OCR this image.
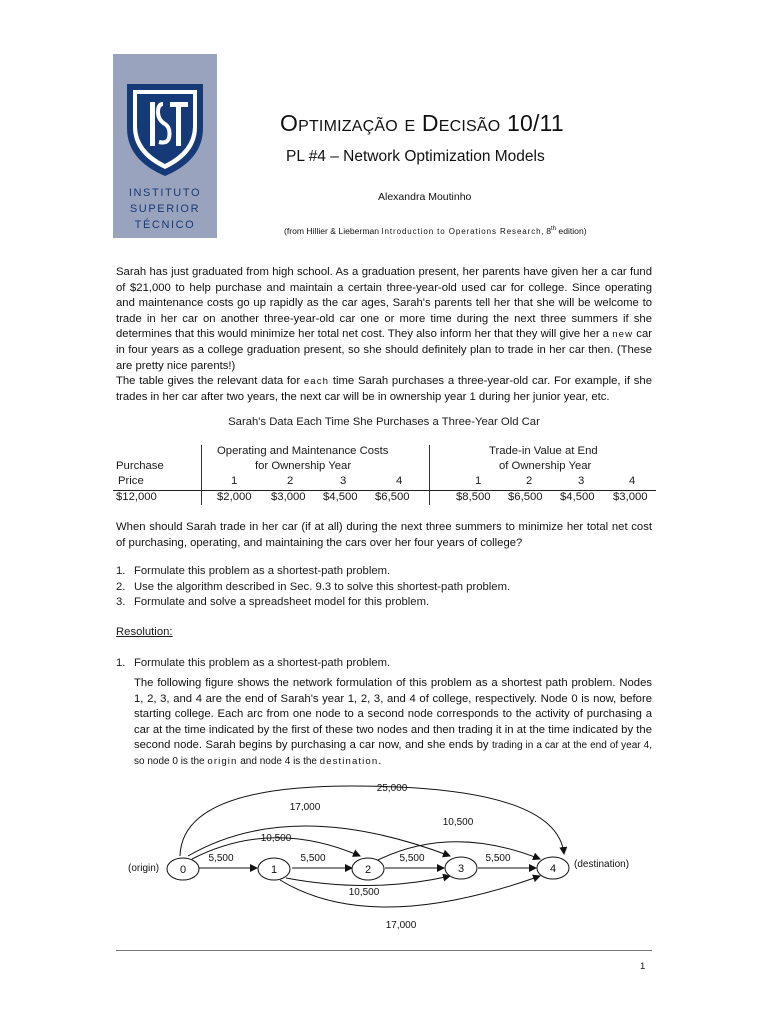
INSTITUTO
SUPERIOR
TÉCNICO
Optimização e Decisão 10/11
PL #4 – Network Optimization Models
Alexandra Moutinho
(from Hillier & Lieberman Introduction to Operations Research, 8th edition)
Sarah has just graduated from high school. As a graduation present, her parents have given her a car fund of $21,000 to help purchase and maintain a certain three-year-old used car for college. Since operating and maintenance costs go up rapidly as the car ages, Sarah's parents tell her that she will be welcome to trade in her car on another three-year-old car one or more time during the next three summers if she determines that this would minimize her total net cost. They also inform her that they will give her a new car in four years as a college graduation present, so she should definitely plan to trade in her car then. (These are pretty nice parents!)
The table gives the relevant data for each time Sarah purchases a three-year-old car. For example, if she trades in her car after two years, the next car will be in ownership year 1 during her junior year, etc.
Sarah's Data Each Time She Purchases a Three-Year Old Car
Operating and Maintenance Costs
for Ownership Year
Trade-in Value at End
of Ownership Year
Purchase
Price	1	2	3	4	1	2	3	4
$12,000	$2,000 $3,000 $4,500 $6,500	$8,500 $6,500 $4,500 $3,000
When should Sarah trade in her car (if at all) during the next three summers to minimize her total net cost of purchasing, operating, and maintaining the cars over her four years of college?
1. Formulate this problem as a shortest-path problem.
2. Use the algorithm described in Sec. 9.3 to solve this shortest-path problem.
3. Formulate and solve a spreadsheet model for this problem.
Resolution:
1. Formulate this problem as a shortest-path problem.
The following figure shows the network formulation of this problem as a shortest path problem. Nodes 1, 2, 3, and 4 are the end of Sarah's year 1, 2, 3, and 4 of college, respectively. Node 0 is now, before starting college. Each arc from one node to a second node corresponds to the activity of purchasing a car at the time indicated by the first of these two nodes and then trading it in at the time indicated by the second node. Sarah begins by purchasing a car now, and she ends by trading in a car at the end of year 4, so node 0 is the origin and node 4 is the destination.
0	1	2	3	4
(origin)	(destination)
5,500	5,500	5,500	5,500
10,500
17,000
25,000
10,500
10,500
17,000
1
